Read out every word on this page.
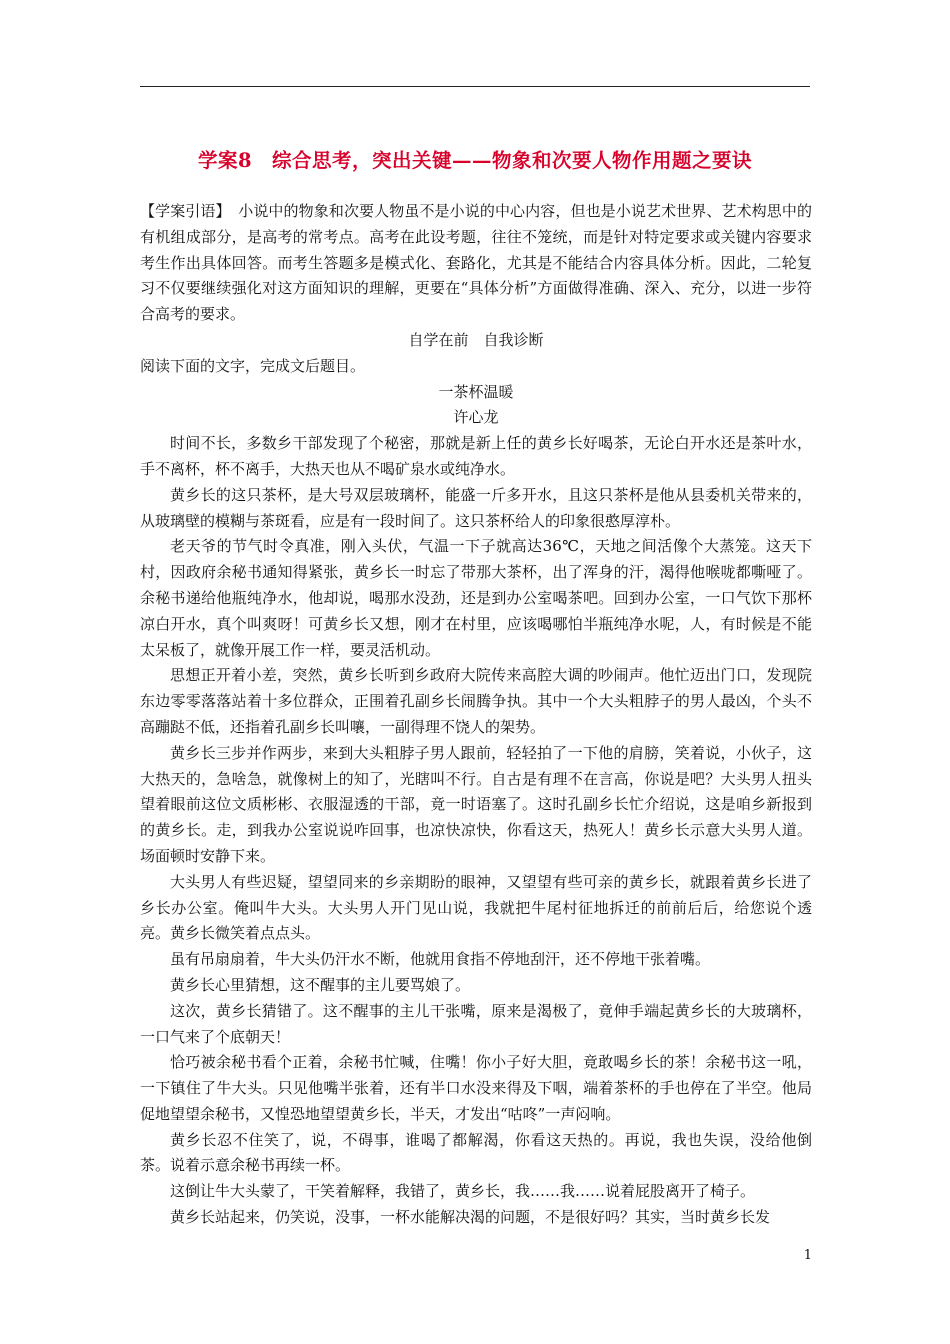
学案8　综合思考，突出关键——物象和次要人物作用题之要诀

【学案引语】　小说中的物象和次要人物虽不是小说的中心内容，但也是小说艺术世界、艺术构思中的有机组成部分，是高考的常考点。高考在此设考题，往往不笼统，而是针对特定要求或关键内容要求考生作出具体回答。而考生答题多是模式化、套路化，尤其是不能结合内容具体分析。因此，二轮复习不仅要继续强化对这方面知识的理解，更要在“具体分析”方面做得准确、深入、充分，以进一步符合高考的要求。

自学在前　自我诊断

阅读下面的文字，完成文后题目。

一茶杯温暖

许心龙

时间不长，多数乡干部发现了个秘密，那就是新上任的黄乡长好喝茶，无论白开水还是茶叶水，手不离杯，杯不离手，大热天也从不喝矿泉水或纯净水。

黄乡长的这只茶杯，是大号双层玻璃杯，能盛一斤多开水，且这只茶杯是他从县委机关带来的，从玻璃壁的模糊与茶斑看，应是有一段时间了。这只茶杯给人的印象很憨厚淳朴。

老天爷的节气时令真准，刚入头伏，气温一下子就高达36℃，天地之间活像个大蒸笼。这天下村，因政府余秘书通知得紧张，黄乡长一时忘了带那大茶杯，出了浑身的汗，渴得他喉咙都嘶哑了。余秘书递给他瓶纯净水，他却说，喝那水没劲，还是到办公室喝茶吧。回到办公室，一口气饮下那杯凉白开水，真个叫爽呀！可黄乡长又想，刚才在村里，应该喝哪怕半瓶纯净水呢，人，有时候是不能太呆板了，就像开展工作一样，要灵活机动。

思想正开着小差，突然，黄乡长听到乡政府大院传来高腔大调的吵闹声。他忙迈出门口，发现院东边零零落落站着十多位群众，正围着孔副乡长闹腾争执。其中一个大头粗脖子的男人最凶，个头不高蹦跶不低，还指着孔副乡长叫嚷，一副得理不饶人的架势。

黄乡长三步并作两步，来到大头粗脖子男人跟前，轻轻拍了一下他的肩膀，笑着说，小伙子，这大热天的，急啥急，就像树上的知了，光瞎叫不行。自古是有理不在言高，你说是吧？大头男人扭头望着眼前这位文质彬彬、衣服湿透的干部，竟一时语塞了。这时孔副乡长忙介绍说，这是咱乡新报到的黄乡长。走，到我办公室说说咋回事，也凉快凉快，你看这天，热死人！黄乡长示意大头男人道。场面顿时安静下来。

大头男人有些迟疑，望望同来的乡亲期盼的眼神，又望望有些可亲的黄乡长，就跟着黄乡长进了乡长办公室。俺叫牛大头。大头男人开门见山说，我就把牛尾村征地拆迁的前前后后，给您说个透亮。黄乡长微笑着点点头。

虽有吊扇扇着，牛大头仍汗水不断，他就用食指不停地刮汗，还不停地干张着嘴。

黄乡长心里猜想，这不醒事的主儿要骂娘了。

这次，黄乡长猜错了。这不醒事的主儿干张嘴，原来是渴极了，竟伸手端起黄乡长的大玻璃杯，一口气来了个底朝天！

恰巧被余秘书看个正着，余秘书忙喊，住嘴！你小子好大胆，竟敢喝乡长的茶！余秘书这一吼，一下镇住了牛大头。只见他嘴半张着，还有半口水没来得及下咽，端着茶杯的手也停在了半空。他局促地望望余秘书，又惶恐地望望黄乡长，半天，才发出“咕咚”一声闷响。

黄乡长忍不住笑了，说，不碍事，谁喝了都解渴，你看这天热的。再说，我也失误，没给他倒茶。说着示意余秘书再续一杯。

这倒让牛大头蒙了，干笑着解释，我错了，黄乡长，我……我……说着屁股离开了椅子。

黄乡长站起来，仍笑说，没事，一杯水能解决渴的问题，不是很好吗？其实，当时黄乡长发

1
